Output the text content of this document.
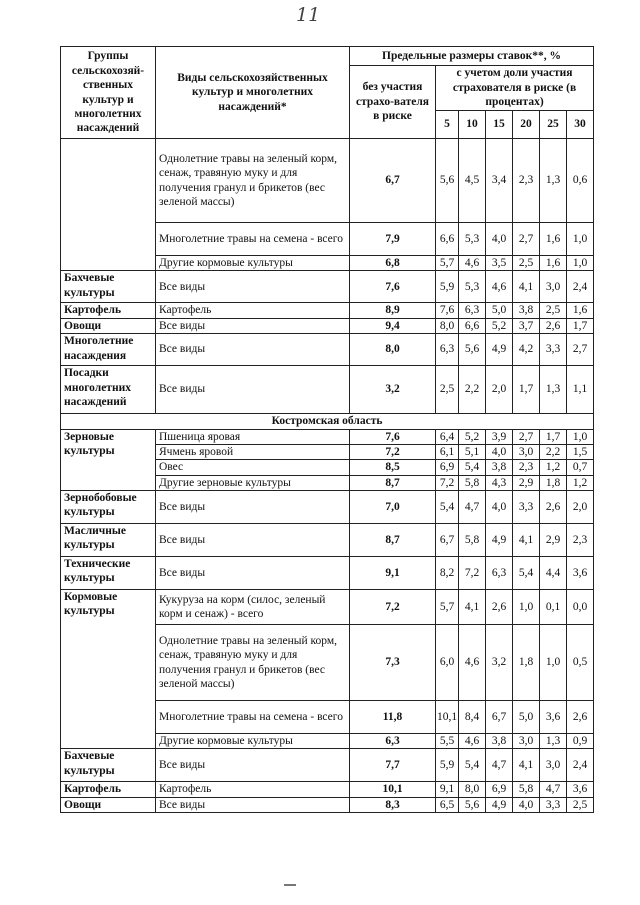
11
Группы сельскохозяй-ственных культур и многолетних насаждений	Виды сельскохозяйственных культур и многолетних насаждений*	Предельные размеры ставок**, %						
		без участия страхо-вателя в риске	с учетом доли участия страхователя в риске (в процентах)					
			5	10	15	20	25	30
	Однолетние травы на зеленый корм, сенаж, травяную муку и для получения гранул и брикетов (вес зеленой массы)	6,7	5,6	4,5	3,4	2,3	1,3	0,6
	Многолетние травы на семена - всего	7,9	6,6	5,3	4,0	2,7	1,6	1,0
	Другие кормовые культуры	6,8	5,7	4,6	3,5	2,5	1,6	1,0
Бахчевые культуры	Все виды	7,6	5,9	5,3	4,6	4,1	3,0	2,4
Картофель	Картофель	8,9	7,6	6,3	5,0	3,8	2,5	1,6
Овощи	Все виды	9,4	8,0	6,6	5,2	3,7	2,6	1,7
Многолетние насаждения	Все виды	8,0	6,3	5,6	4,9	4,2	3,3	2,7
Посадки многолетних насаждений	Все виды	3,2	2,5	2,2	2,0	1,7	1,3	1,1
Костромская область								
Зерновые культуры	Пшеница яровая	7,6	6,4	5,2	3,9	2,7	1,7	1,0
	Ячмень яровой	7,2	6,1	5,1	4,0	3,0	2,2	1,5
	Овес	8,5	6,9	5,4	3,8	2,3	1,2	0,7
	Другие зерновые культуры	8,7	7,2	5,8	4,3	2,9	1,8	1,2
Зернобобовые культуры	Все виды	7,0	5,4	4,7	4,0	3,3	2,6	2,0
Масличные культуры	Все виды	8,7	6,7	5,8	4,9	4,1	2,9	2,3
Технические культуры	Все виды	9,1	8,2	7,2	6,3	5,4	4,4	3,6
Кормовые культуры	Кукуруза на корм (силос, зеленый корм и сенаж) - всего	7,2	5,7	4,1	2,6	1,0	0,1	0,0
	Однолетние травы на зеленый корм, сенаж, травяную муку и для получения гранул и брикетов (вес зеленой массы)	7,3	6,0	4,6	3,2	1,8	1,0	0,5
	Многолетние травы на семена - всего	11,8	10,1	8,4	6,7	5,0	3,6	2,6
	Другие кормовые культуры	6,3	5,5	4,6	3,8	3,0	1,3	0,9
Бахчевые культуры	Все виды	7,7	5,9	5,4	4,7	4,1	3,0	2,4
Картофель	Картофель	10,1	9,1	8,0	6,9	5,8	4,7	3,6
Овощи	Все виды	8,3	6,5	5,6	4,9	4,0	3,3	2,5
